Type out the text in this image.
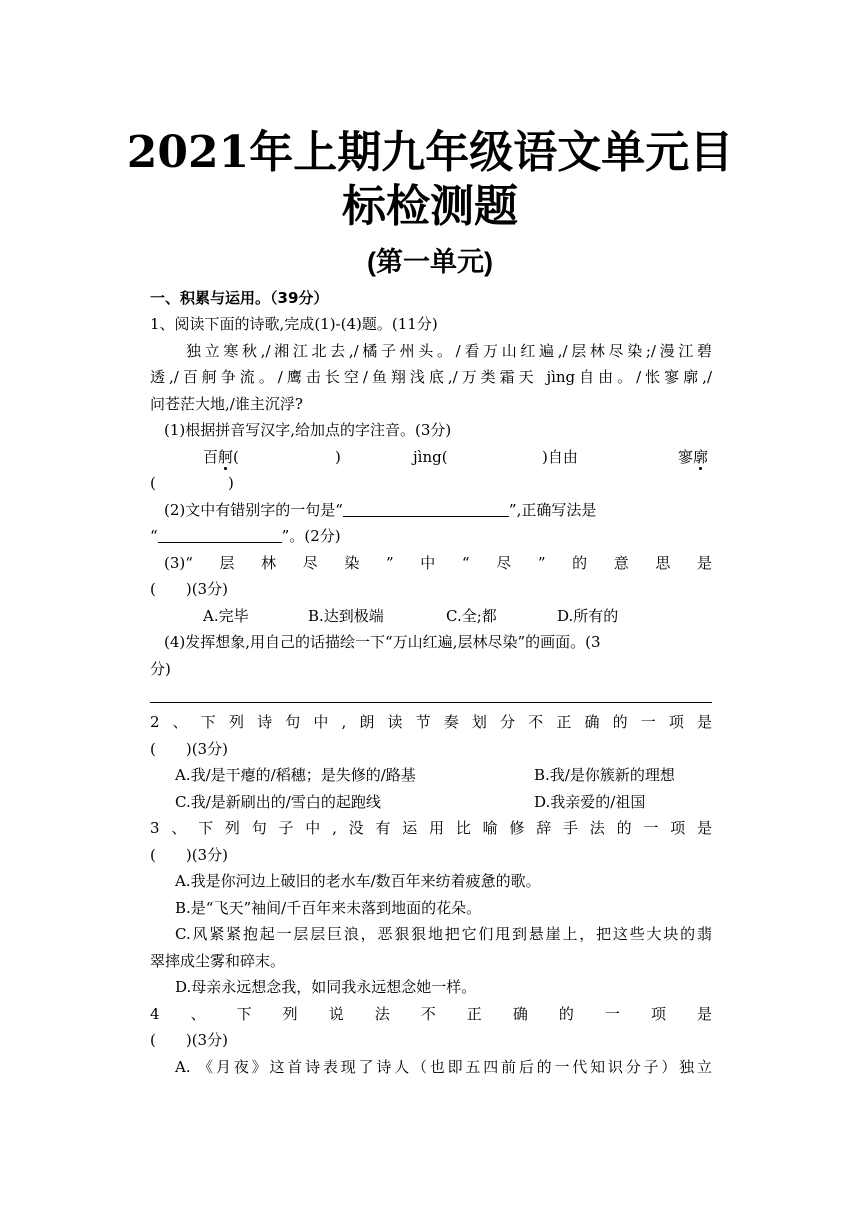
2021年上期九年级语文单元目
标检测题
(第一单元)
一、积累与运用。（39分）
1、阅读下面的诗歌,完成(1)-(4)题。(11分)
独立寒秋,/湘江北去,/橘子州头。/看万山红遍,/层林尽染;/漫江碧
透,/百舸争流。/鹰击长空/鱼翔浅底,/万类霜天 jìng自由。/怅寥廓,/
问苍茫大地,/谁主沉浮?
(1)根据拼音写汉字,给加点的字注音。(3分)
百舸(	)	jìng(	)自由	寥廓
(	)
(2)文中有错别字的一句是“	”,正确写法是
“	”。(2分)
(3)“层林尽染”中“尽”的意思是
(　　)(3分)
A.完毕	B.达到极端	C.全;都	D.所有的
(4)发挥想象,用自己的话描绘一下“万山红遍,层林尽染”的画面。(3
分)
2、下列诗句中,朗读节奏划分不正确的一项是
(　　)(3分)
A.我/是干瘪的/稻穗；是失修的/路基	B.我/是你簇新的理想
C.我/是新刷出的/雪白的起跑线	D.我亲爱的/祖国
3、下列句子中,没有运用比喻修辞手法的一项是
(　　)(3分)
A.我是你河边上破旧的老水车/数百年来纺着疲惫的歌。
B.是“飞天”袖间/千百年来未落到地面的花朵。
C.风紧紧抱起一层层巨浪，恶狠狠地把它们甩到悬崖上，把这些大块的翡
翠摔成尘雾和碎末。
D.母亲永远想念我，如同我永远想念她一样。
4、下列说法不正确的一项是
(　　)(3分)
A. 《月夜》这首诗表现了诗人（也即五四前后的一代知识分子）独立
